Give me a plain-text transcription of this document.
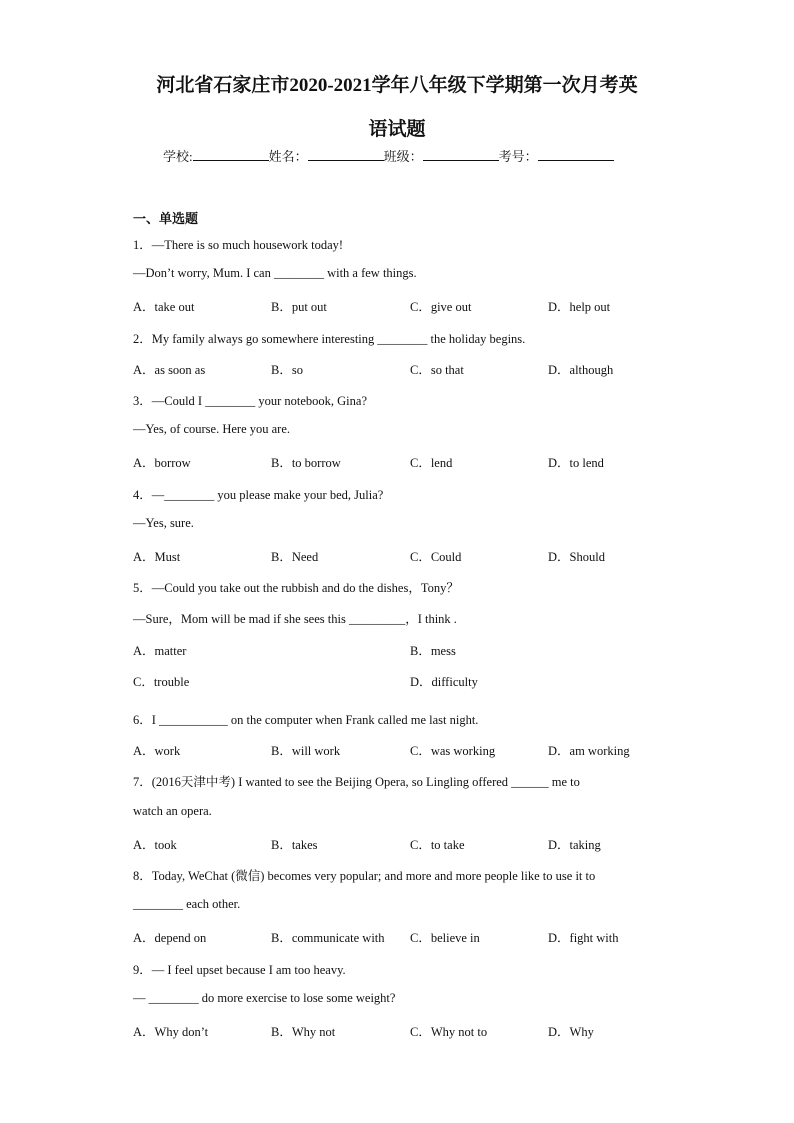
河北省石家庄市2020-2021学年八年级下学期第一次月考英
语试题
学校:	姓名：	班级：	考号：
一、单选题
1．—There is so much housework today!
—Don’t worry, Mum. I can ________ with a few things.
A．take out	B．put out	C．give out	D．help out
2．My family always go somewhere interesting ________ the holiday begins.
A．as soon as	B．so	C．so that	D．although
3．—Could I ________ your notebook, Gina?
—Yes, of course. Here you are.
A．borrow	B．to borrow	C．lend	D．to lend
4．—________ you please make your bed, Julia?
—Yes, sure.
A．Must	B．Need	C．Could	D．Should
5．—Could you take out the rubbish and do the dishes，Tony？
—Sure，Mom will be mad if she sees this _________，I think .
A．matter	B．mess
C．trouble	D．difficulty
6．I ___________ on the computer when Frank called me last night.
A．work	B．will work	C．was working	D．am working
7．(2016天津中考) I wanted to see the Beijing Opera, so Lingling offered ______ me to
watch an opera.
A．took	B．takes	C．to take	D．taking
8．Today, WeChat (微信) becomes very popular; and more and more people like to use it to
________ each other.
A．depend on	B．communicate with C．believe in	D．fight with
9．— I feel upset because I am too heavy.
— ________ do more exercise to lose some weight?
A．Why don’t	B．Why not	C．Why not to	D．Why
